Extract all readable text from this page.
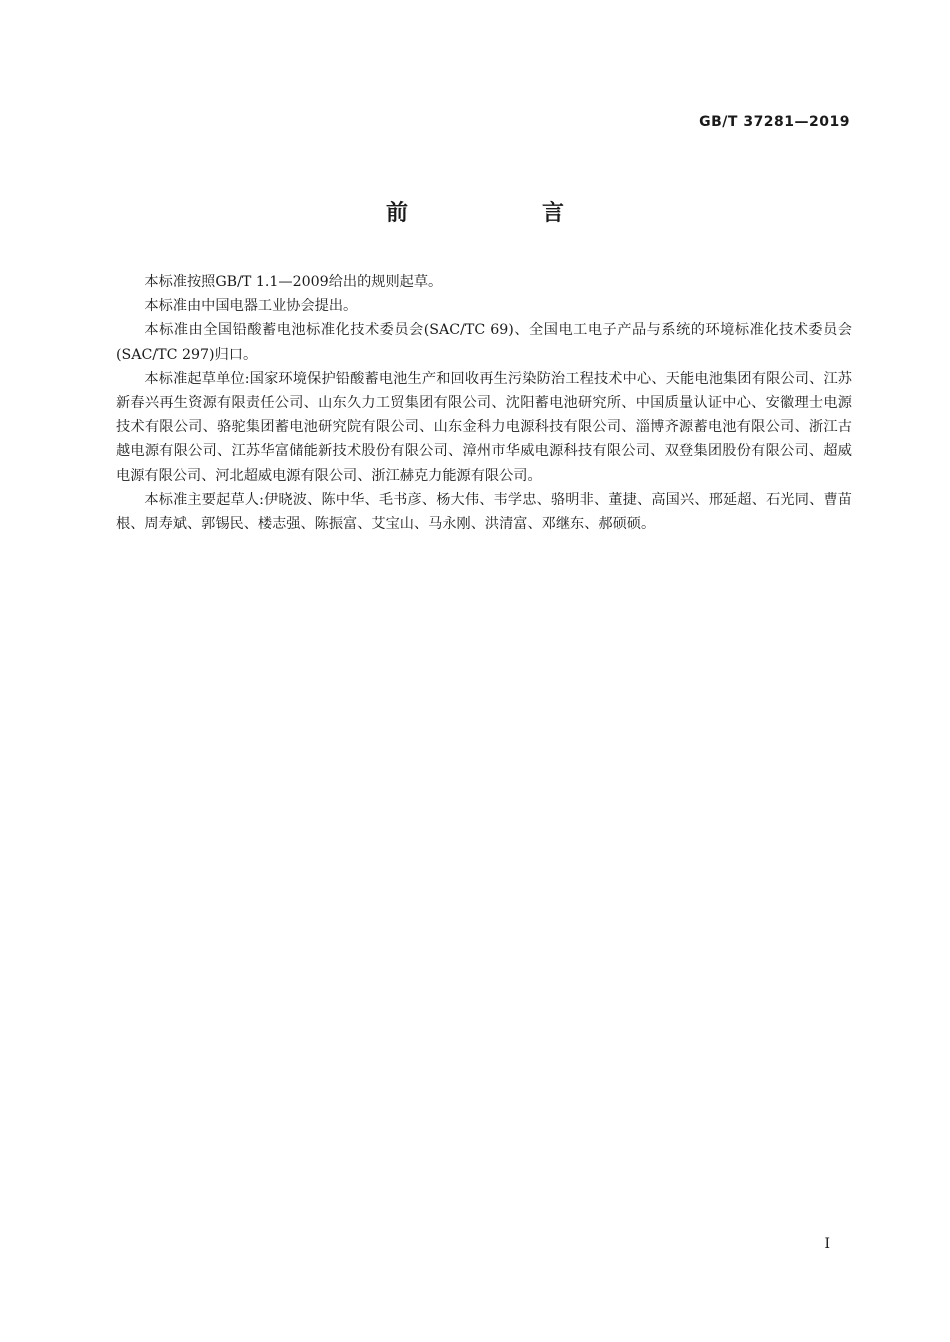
GB/T 37281—2019
前　言

本标准按照GB/T 1.1—2009给出的规则起草。

本标准由中国电器工业协会提出。

本标准由全国铅酸蓄电池标准化技术委员会(SAC/TC 69)、全国电工电子产品与系统的环境标准化技术委员会(SAC/TC 297)归口。

本标准起草单位:国家环境保护铅酸蓄电池生产和回收再生污染防治工程技术中心、天能电池集团有限公司、江苏新春兴再生资源有限责任公司、山东久力工贸集团有限公司、沈阳蓄电池研究所、中国质量认证中心、安徽理士电源技术有限公司、骆驼集团蓄电池研究院有限公司、山东金科力电源科技有限公司、淄博齐源蓄电池有限公司、浙江古越电源有限公司、江苏华富储能新技术股份有限公司、漳州市华威电源科技有限公司、双登集团股份有限公司、超威电源有限公司、河北超威电源有限公司、浙江赫克力能源有限公司。

本标准主要起草人:伊晓波、陈中华、毛书彦、杨大伟、韦学忠、骆明非、董捷、高国兴、邢延超、石光同、曹苗根、周寿斌、郭锡民、楼志强、陈振富、艾宝山、马永刚、洪清富、邓继东、郝硕硕。

I
